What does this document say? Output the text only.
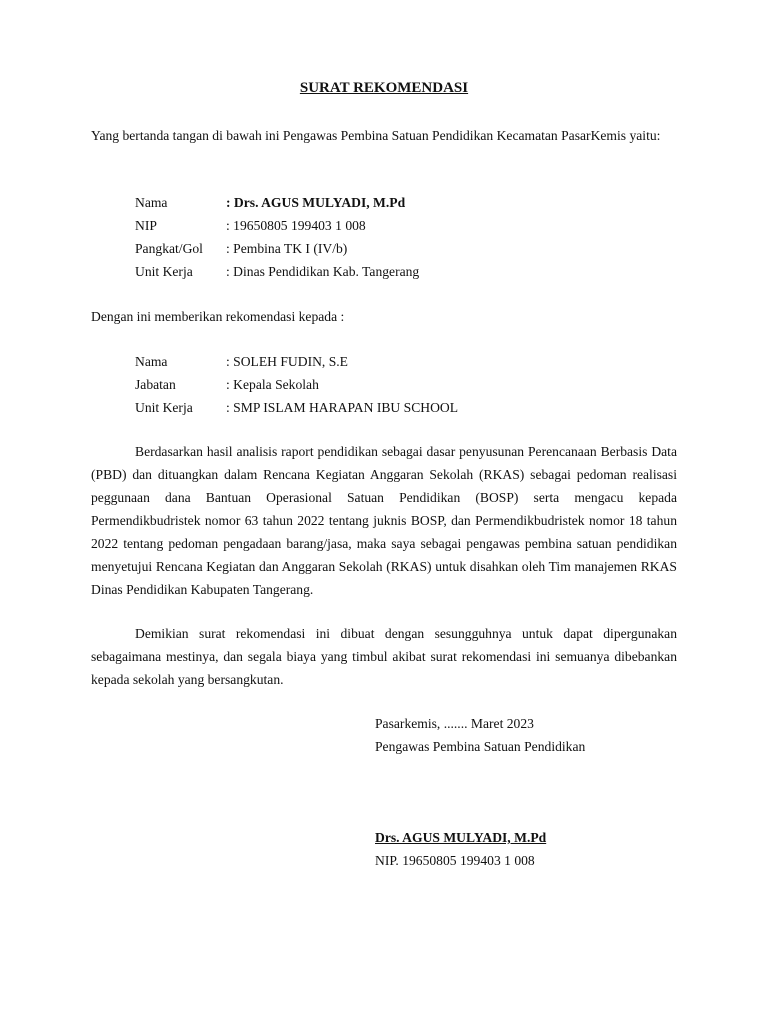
SURAT REKOMENDASI

Yang bertanda tangan di bawah ini Pengawas Pembina Satuan Pendidikan Kecamatan PasarKemis yaitu:

Nama	: Drs. AGUS MULYADI, M.Pd
NIP	: 19650805 199403 1 008
Pangkat/Gol	: Pembina TK I (IV/b)
Unit Kerja	: Dinas Pendidikan Kab. Tangerang

Dengan ini memberikan rekomendasi kepada :

Nama	: SOLEH FUDIN, S.E
Jabatan	: Kepala Sekolah
Unit Kerja	: SMP ISLAM HARAPAN IBU SCHOOL

Berdasarkan hasil analisis raport pendidikan sebagai dasar penyusunan Perencanaan Berbasis Data (PBD) dan dituangkan dalam Rencana Kegiatan Anggaran Sekolah (RKAS) sebagai pedoman realisasi peggunaan dana Bantuan Operasional Satuan Pendidikan (BOSP) serta mengacu kepada Permendikbudristek nomor 63 tahun 2022 tentang juknis BOSP, dan Permendikbudristek nomor 18 tahun 2022 tentang pedoman pengadaan barang/jasa, maka saya sebagai pengawas pembina satuan pendidikan menyetujui Rencana Kegiatan dan Anggaran Sekolah (RKAS) untuk disahkan oleh Tim manajemen RKAS Dinas Pendidikan Kabupaten Tangerang.

Demikian surat rekomendasi ini dibuat dengan sesungguhnya untuk dapat dipergunakan sebagaimana mestinya, dan segala biaya yang timbul akibat surat rekomendasi ini semuanya dibebankan kepada sekolah yang bersangkutan.

Pasarkemis, ....... Maret 2023
Pengawas Pembina Satuan Pendidikan
Drs. AGUS MULYADI, M.Pd
NIP. 19650805 199403 1 008
